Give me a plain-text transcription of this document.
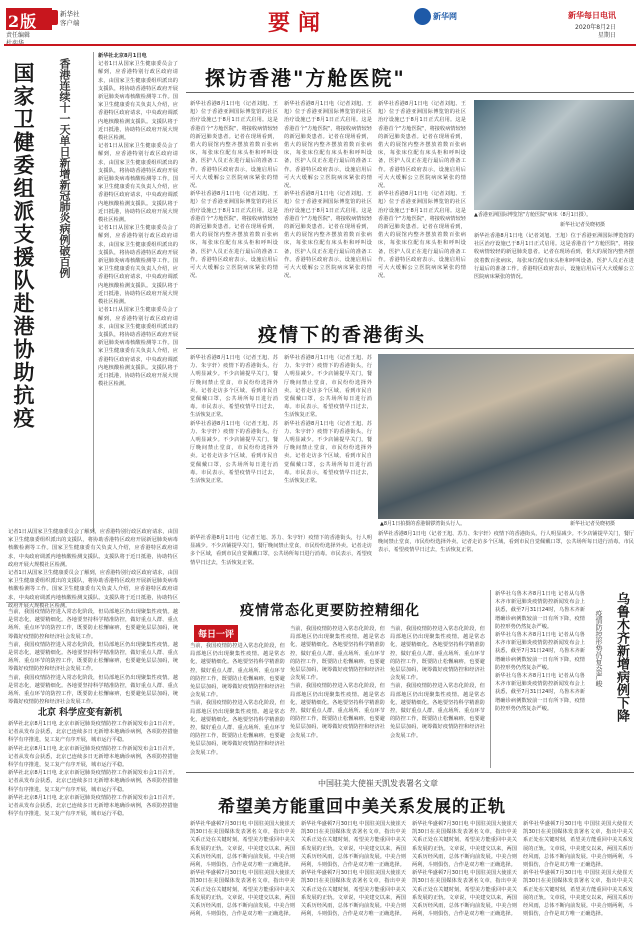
2版
责任编辑
新华社
客户端	要闻	新华网	新华每日电讯
2020年8月2日
星期日
香港连续十一天单日新增新冠肺炎病例破百例
国家卫健委组派支援队赴港协助抗疫
新华社北京8月1日电
记者1日从国家卫生健康委员会了解到，应香港特别行政区政府请求，由国家卫生健康委组织派出的支援队，将协助香港特区政府开展新冠肺炎病毒核酸检测等工作。国家卫生健康委有关负责人介绍，应香港特区政府请求，中央政府调派内地核酸检测支援队。支援队将于近日抵港，协助特区政府开展大规模社区检测。
记者1日从国家卫生健康委员会了解到，应香港特别行政区政府请求，由国家卫生健康委组织派出的支援队，将协助香港特区政府开展新冠肺炎病毒核酸检测等工作。国家卫生健康委有关负责人介绍，应香港特区政府请求，中央政府调派内地核酸检测支援队。支援队将于近日抵港，协助特区政府开展大规模社区检测。
记者1日从国家卫生健康委员会了解到，应香港特别行政区政府请求，由国家卫生健康委组织派出的支援队，将协助香港特区政府开展新冠肺炎病毒核酸检测等工作。国家卫生健康委有关负责人介绍，应香港特区政府请求，中央政府调派内地核酸检测支援队。支援队将于近日抵港，协助特区政府开展大规模社区检测。
记者1日从国家卫生健康委员会了解到，应香港特别行政区政府请求，由国家卫生健康委组织派出的支援队，将协助香港特区政府开展新冠肺炎病毒核酸检测等工作。国家卫生健康委有关负责人介绍，应香港特区政府请求，中央政府调派内地核酸检测支援队。支援队将于近日抵港，协助特区政府开展大规模社区检测。
记者1日从国家卫生健康委员会了解到，应香港特别行政区政府请求，由国家卫生健康委组织派出的支援队，将协助香港特区政府开展新冠肺炎病毒核酸检测等工作。国家卫生健康委有关负责人介绍，应香港特区政府请求，中央政府调派内地核酸检测支援队。支援队将于近日抵港，协助特区政府开展大规模社区检测。
记者1日从国家卫生健康委员会了解到，应香港特别行政区政府请求，由国家卫生健康委组织派出的支援队，将协助香港特区政府开展新冠肺炎病毒核酸检测等工作。国家卫生健康委有关负责人介绍，应香港特区政府请求，中央政府调派内地核酸检测支援队。支援队将于近日抵港，协助特区政府开展大规模社区检测。
当前，我国疫情防控进入常态化阶段，但局部地区仍出现聚集性疫情。越是常态化，越要精细化。各地要坚持科学精准防控，做好重点人群、重点场所、重点环节的防控工作，既要防止松懈麻痹，也要避免层层加码，统筹做好疫情防控和经济社会发展工作。
当前，我国疫情防控进入常态化阶段，但局部地区仍出现聚集性疫情。越是常态化，越要精细化。各地要坚持科学精准防控，做好重点人群、重点场所、重点环节的防控工作，既要防止松懈麻痹，也要避免层层加码，统筹做好疫情防控和经济社会发展工作。
当前，我国疫情防控进入常态化阶段，但局部地区仍出现聚集性疫情。越是常态化，越要精细化。各地要坚持科学精准防控，做好重点人群、重点场所、重点环节的防控工作，既要防止松懈麻痹，也要避免层层加码，统筹做好疫情防控和经济社会发展工作。
北京 科学应变有新机
新华社北京8月1日电 北京市新冠肺炎疫情防控工作新闻发布会1日召开。记者从发布会获悉，北京已连续多日无新增本地确诊病例，各项防控措施科学有序推进，复工复产有序开展，城市运行平稳。
新华社北京8月1日电 北京市新冠肺炎疫情防控工作新闻发布会1日召开。记者从发布会获悉，北京已连续多日无新增本地确诊病例，各项防控措施科学有序推进，复工复产有序开展，城市运行平稳。
新华社北京8月1日电 北京市新冠肺炎疫情防控工作新闻发布会1日召开。记者从发布会获悉，北京已连续多日无新增本地确诊病例，各项防控措施科学有序推进，复工复产有序开展，城市运行平稳。
新华社北京8月1日电 北京市新冠肺炎疫情防控工作新闻发布会1日召开。记者从发布会获悉，北京已连续多日无新增本地确诊病例，各项防控措施科学有序推进，复工复产有序开展，城市运行平稳。
探访香港"方舱医院"
新华社香港8月1日电（记者刘旭、王旭）位于香港亚洲国际博览馆的社区治疗设施已于8月1日正式启用。这是香港首个"方舱医院"，将接收病情较轻的新冠肺炎患者。记者在现场看到，偌大的展馆内整齐摆放着数百张病床，每张床位配有床头柜和呼叫设备，医护人员正在进行最后的准备工作。香港特区政府表示，设施启用后可大大缓解公立医院病床紧张的情况。
新华社香港8月1日电（记者刘旭、王旭）位于香港亚洲国际博览馆的社区治疗设施已于8月1日正式启用。这是香港首个"方舱医院"，将接收病情较轻的新冠肺炎患者。记者在现场看到，偌大的展馆内整齐摆放着数百张病床，每张床位配有床头柜和呼叫设备，医护人员正在进行最后的准备工作。香港特区政府表示，设施启用后可大大缓解公立医院病床紧张的情况。
新华社香港8月1日电（记者刘旭、王旭）位于香港亚洲国际博览馆的社区治疗设施已于8月1日正式启用。这是香港首个"方舱医院"，将接收病情较轻的新冠肺炎患者。记者在现场看到，偌大的展馆内整齐摆放着数百张病床，每张床位配有床头柜和呼叫设备，医护人员正在进行最后的准备工作。香港特区政府表示，设施启用后可大大缓解公立医院病床紧张的情况。
新华社香港8月1日电（记者刘旭、王旭）位于香港亚洲国际博览馆的社区治疗设施已于8月1日正式启用。这是香港首个"方舱医院"，将接收病情较轻的新冠肺炎患者。记者在现场看到，偌大的展馆内整齐摆放着数百张病床，每张床位配有床头柜和呼叫设备，医护人员正在进行最后的准备工作。香港特区政府表示，设施启用后可大大缓解公立医院病床紧张的情况。
新华社香港8月1日电（记者刘旭、王旭）位于香港亚洲国际博览馆的社区治疗设施已于8月1日正式启用。这是香港首个"方舱医院"，将接收病情较轻的新冠肺炎患者。记者在现场看到，偌大的展馆内整齐摆放着数百张病床，每张床位配有床头柜和呼叫设备，医护人员正在进行最后的准备工作。香港特区政府表示，设施启用后可大大缓解公立医院病床紧张的情况。
新华社香港8月1日电（记者刘旭、王旭）位于香港亚洲国际博览馆的社区治疗设施已于8月1日正式启用。这是香港首个"方舱医院"，将接收病情较轻的新冠肺炎患者。记者在现场看到，偌大的展馆内整齐摆放着数百张病床，每张床位配有床头柜和呼叫设备，医护人员正在进行最后的准备工作。香港特区政府表示，设施启用后可大大缓解公立医院病床紧张的情况。
▲香港亚洲国际博览馆"方舱医院"病床（8月1日摄）。
新华社记者吴晓初摄
新华社香港8月1日电（记者刘旭、王旭）位于香港亚洲国际博览馆的社区治疗设施已于8月1日正式启用。这是香港首个"方舱医院"，将接收病情较轻的新冠肺炎患者。记者在现场看到，偌大的展馆内整齐摆放着数百张病床，每张床位配有床头柜和呼叫设备，医护人员正在进行最后的准备工作。香港特区政府表示，设施启用后可大大缓解公立医院病床紧张的情况。
疫情下的香港街头
新华社香港8月1日电（记者王旭、苏力、朱宇轩）疫情下的香港街头，行人明显减少。不少店铺提早关门，餐厅晚间禁止堂食，市民纷纷选择外卖。记者走访多个区域，看到市民自觉佩戴口罩，公共场所每日进行消毒。市民表示，希望疫情早日过去，生活恢复正常。
新华社香港8月1日电（记者王旭、苏力、朱宇轩）疫情下的香港街头，行人明显减少。不少店铺提早关门，餐厅晚间禁止堂食，市民纷纷选择外卖。记者走访多个区域，看到市民自觉佩戴口罩，公共场所每日进行消毒。市民表示，希望疫情早日过去，生活恢复正常。
新华社香港8月1日电（记者王旭、苏力、朱宇轩）疫情下的香港街头，行人明显减少。不少店铺提早关门，餐厅晚间禁止堂食，市民纷纷选择外卖。记者走访多个区域，看到市民自觉佩戴口罩，公共场所每日进行消毒。市民表示，希望疫情早日过去，生活恢复正常。
新华社香港8月1日电（记者王旭、苏力、朱宇轩）疫情下的香港街头，行人明显减少。不少店铺提早关门，餐厅晚间禁止堂食，市民纷纷选择外卖。记者走访多个区域，看到市民自觉佩戴口罩，公共场所每日进行消毒。市民表示，希望疫情早日过去，生活恢复正常。
▲8月1日拍摄的香港铜锣湾街头行人。	新华社记者吴晓初摄
新华社香港8月1日电（记者王旭、苏力、朱宇轩）疫情下的香港街头，行人明显减少。不少店铺提早关门，餐厅晚间禁止堂食，市民纷纷选择外卖。记者走访多个区域，看到市民自觉佩戴口罩，公共场所每日进行消毒。市民表示，希望疫情早日过去，生活恢复正常。
新华社香港8月1日电（记者王旭、苏力、朱宇轩）疫情下的香港街头，行人明显减少。不少店铺提早关门，餐厅晚间禁止堂食，市民纷纷选择外卖。记者走访多个区域，看到市民自觉佩戴口罩，公共场所每日进行消毒。市民表示，希望疫情早日过去，生活恢复正常。
疫情常态化更要防控精细化
每日一评
当前，我国疫情防控进入常态化阶段，但局部地区仍出现聚集性疫情。越是常态化，越要精细化。各地要坚持科学精准防控，做好重点人群、重点场所、重点环节的防控工作，既要防止松懈麻痹，也要避免层层加码，统筹做好疫情防控和经济社会发展工作。
当前，我国疫情防控进入常态化阶段，但局部地区仍出现聚集性疫情。越是常态化，越要精细化。各地要坚持科学精准防控，做好重点人群、重点场所、重点环节的防控工作，既要防止松懈麻痹，也要避免层层加码，统筹做好疫情防控和经济社会发展工作。
当前，我国疫情防控进入常态化阶段，但局部地区仍出现聚集性疫情。越是常态化，越要精细化。各地要坚持科学精准防控，做好重点人群、重点场所、重点环节的防控工作，既要防止松懈麻痹，也要避免层层加码，统筹做好疫情防控和经济社会发展工作。
当前，我国疫情防控进入常态化阶段，但局部地区仍出现聚集性疫情。越是常态化，越要精细化。各地要坚持科学精准防控，做好重点人群、重点场所、重点环节的防控工作，既要防止松懈麻痹，也要避免层层加码，统筹做好疫情防控和经济社会发展工作。
当前，我国疫情防控进入常态化阶段，但局部地区仍出现聚集性疫情。越是常态化，越要精细化。各地要坚持科学精准防控，做好重点人群、重点场所、重点环节的防控工作，既要防止松懈麻痹，也要避免层层加码，统筹做好疫情防控和经济社会发展工作。
当前，我国疫情防控进入常态化阶段，但局部地区仍出现聚集性疫情。越是常态化，越要精细化。各地要坚持科学精准防控，做好重点人群、重点场所、重点环节的防控工作，既要防止松懈麻痹，也要避免层层加码，统筹做好疫情防控和经济社会发展工作。
新华社乌鲁木齐8月1日电 记者从乌鲁木齐市新冠肺炎疫情防控新闻发布会上获悉，截至7月31日24时，乌鲁木齐新增确诊病例数较前一日有所下降，疫情防控形势仍然复杂严峻。
新华社乌鲁木齐8月1日电 记者从乌鲁木齐市新冠肺炎疫情防控新闻发布会上获悉，截至7月31日24时，乌鲁木齐新增确诊病例数较前一日有所下降，疫情防控形势仍然复杂严峻。
新华社乌鲁木齐8月1日电 记者从乌鲁木齐市新冠肺炎疫情防控新闻发布会上获悉，截至7月31日24时，乌鲁木齐新增确诊病例数较前一日有所下降，疫情防控形势仍然复杂严峻。	乌鲁木齐新增病例下降
疫情防控形势仍复杂严峻
中国驻美大使崔天凯发表署名文章
希望美方能重回中美关系发展的正轨
新华社华盛顿7月30日电 中国驻美国大使崔天凯30日在美国媒体发表署名文章，指出中美关系正处在关键时刻，希望美方能重回中美关系发展的正轨。文章说，中美建交以来，两国关系历经风雨，总体不断向前发展。中美合则两利，斗则俱伤，合作是双方唯一正确选择。
新华社华盛顿7月30日电 中国驻美国大使崔天凯30日在美国媒体发表署名文章，指出中美关系正处在关键时刻，希望美方能重回中美关系发展的正轨。文章说，中美建交以来，两国关系历经风雨，总体不断向前发展。中美合则两利，斗则俱伤，合作是双方唯一正确选择。
新华社华盛顿7月30日电 中国驻美国大使崔天凯30日在美国媒体发表署名文章，指出中美关系正处在关键时刻，希望美方能重回中美关系发展的正轨。文章说，中美建交以来，两国关系历经风雨，总体不断向前发展。中美合则两利，斗则俱伤，合作是双方唯一正确选择。
新华社华盛顿7月30日电 中国驻美国大使崔天凯30日在美国媒体发表署名文章，指出中美关系正处在关键时刻，希望美方能重回中美关系发展的正轨。文章说，中美建交以来，两国关系历经风雨，总体不断向前发展。中美合则两利，斗则俱伤，合作是双方唯一正确选择。
新华社华盛顿7月30日电 中国驻美国大使崔天凯30日在美国媒体发表署名文章，指出中美关系正处在关键时刻，希望美方能重回中美关系发展的正轨。文章说，中美建交以来，两国关系历经风雨，总体不断向前发展。中美合则两利，斗则俱伤，合作是双方唯一正确选择。
新华社华盛顿7月30日电 中国驻美国大使崔天凯30日在美国媒体发表署名文章，指出中美关系正处在关键时刻，希望美方能重回中美关系发展的正轨。文章说，中美建交以来，两国关系历经风雨，总体不断向前发展。中美合则两利，斗则俱伤，合作是双方唯一正确选择。
新华社华盛顿7月30日电 中国驻美国大使崔天凯30日在美国媒体发表署名文章，指出中美关系正处在关键时刻，希望美方能重回中美关系发展的正轨。文章说，中美建交以来，两国关系历经风雨，总体不断向前发展。中美合则两利，斗则俱伤，合作是双方唯一正确选择。
新华社华盛顿7月30日电 中国驻美国大使崔天凯30日在美国媒体发表署名文章，指出中美关系正处在关键时刻，希望美方能重回中美关系发展的正轨。文章说，中美建交以来，两国关系历经风雨，总体不断向前发展。中美合则两利，斗则俱伤，合作是双方唯一正确选择。
